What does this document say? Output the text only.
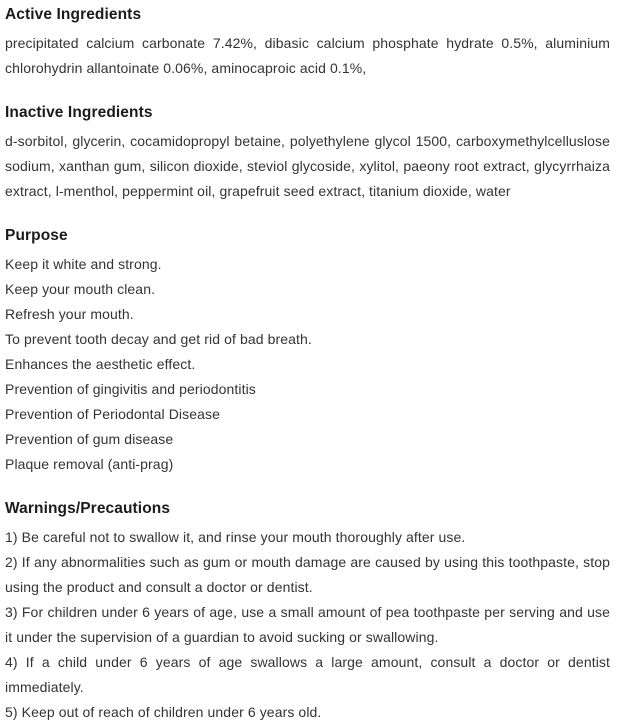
Active Ingredients

precipitated calcium carbonate 7.42%, dibasic calcium phosphate hydrate 0.5%, aluminium chlorohydrin allantoinate 0.06%, aminocaproic acid 0.1%,

Inactive Ingredients

d-sorbitol, glycerin, cocamidopropyl betaine, polyethylene glycol 1500, carboxymethylcelluslose sodium, xanthan gum, silicon dioxide, steviol glycoside, xylitol, paeony root extract, glycyrrhaiza extract, l-menthol, peppermint oil, grapefruit seed extract, titanium dioxide, water

Purpose

Keep it white and strong.

Keep your mouth clean.

Refresh your mouth.

To prevent tooth decay and get rid of bad breath.

Enhances the aesthetic effect.

Prevention of gingivitis and periodontitis

Prevention of Periodontal Disease

Prevention of gum disease

Plaque removal (anti-prag)

Warnings/Precautions

1) Be careful not to swallow it, and rinse your mouth thoroughly after use.

2) If any abnormalities such as gum or mouth damage are caused by using this toothpaste, stop using the product and consult a doctor or dentist.

3) For children under 6 years of age, use a small amount of pea toothpaste per serving and use it under the supervision of a guardian to avoid sucking or swallowing.

4) If a child under 6 years of age swallows a large amount, consult a doctor or dentist immediately.

5) Keep out of reach of children under 6 years old.
